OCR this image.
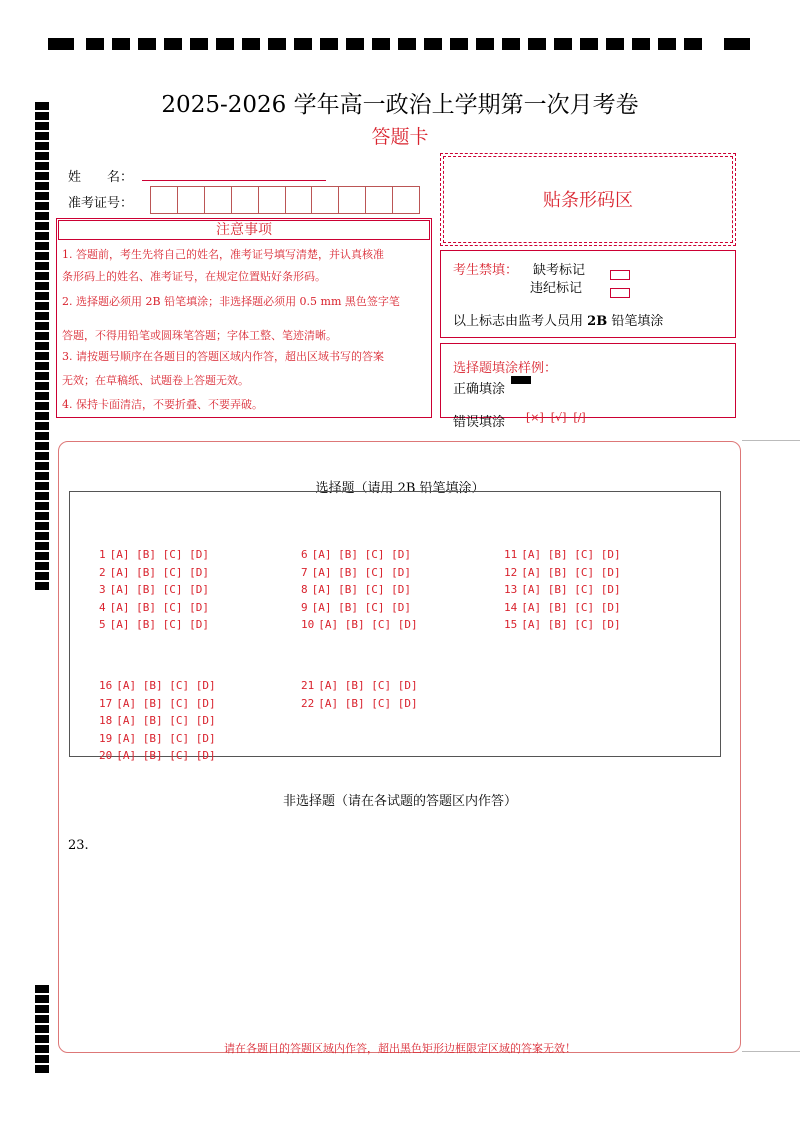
2025-2026 学年高一政治上学期第一次月考卷
答题卡
姓　　名：
准考证号：
注意事项
1. 答题前，考生先将自己的姓名，准考证号填写清楚，并认真核准
条形码上的姓名、准考证号，在规定位置贴好条形码。
2. 选择题必须用 2B 铅笔填涂；非选择题必须用 0.5 mm 黑色签字笔
答题，不得用铅笔或圆珠笔答题；字体工整、笔迹清晰。
3. 请按题号顺序在各题目的答题区域内作答，超出区域书写的答案
无效；在草稿纸、试题卷上答题无效。
4. 保持卡面清洁，不要折叠、不要弄破。
贴条形码区
考生禁填： 缺考标记
违纪标记
以上标志由监考人员用 2B 铅笔填涂
选择题填涂样例：
正确填涂
错误填涂 [×]  [√]  [/]
选择题（请用 2B 铅笔填涂）
1 [A] [B] [C] [D]
2 [A] [B] [C] [D]
3 [A] [B] [C] [D]
4 [A] [B] [C] [D]
5 [A] [B] [C] [D]
6 [A] [B] [C] [D]
7 [A] [B] [C] [D]
8 [A] [B] [C] [D]
9 [A] [B] [C] [D]
10 [A] [B] [C] [D]
11 [A] [B] [C] [D]
12 [A] [B] [C] [D]
13 [A] [B] [C] [D]
14 [A] [B] [C] [D]
15 [A] [B] [C] [D]
16 [A] [B] [C] [D]
17 [A] [B] [C] [D]
18 [A] [B] [C] [D]
19 [A] [B] [C] [D]
20 [A] [B] [C] [D]
21 [A] [B] [C] [D]
22 [A] [B] [C] [D]
非选择题（请在各试题的答题区内作答）
23.
请在各题目的答题区域内作答，超出黑色矩形边框限定区域的答案无效！
